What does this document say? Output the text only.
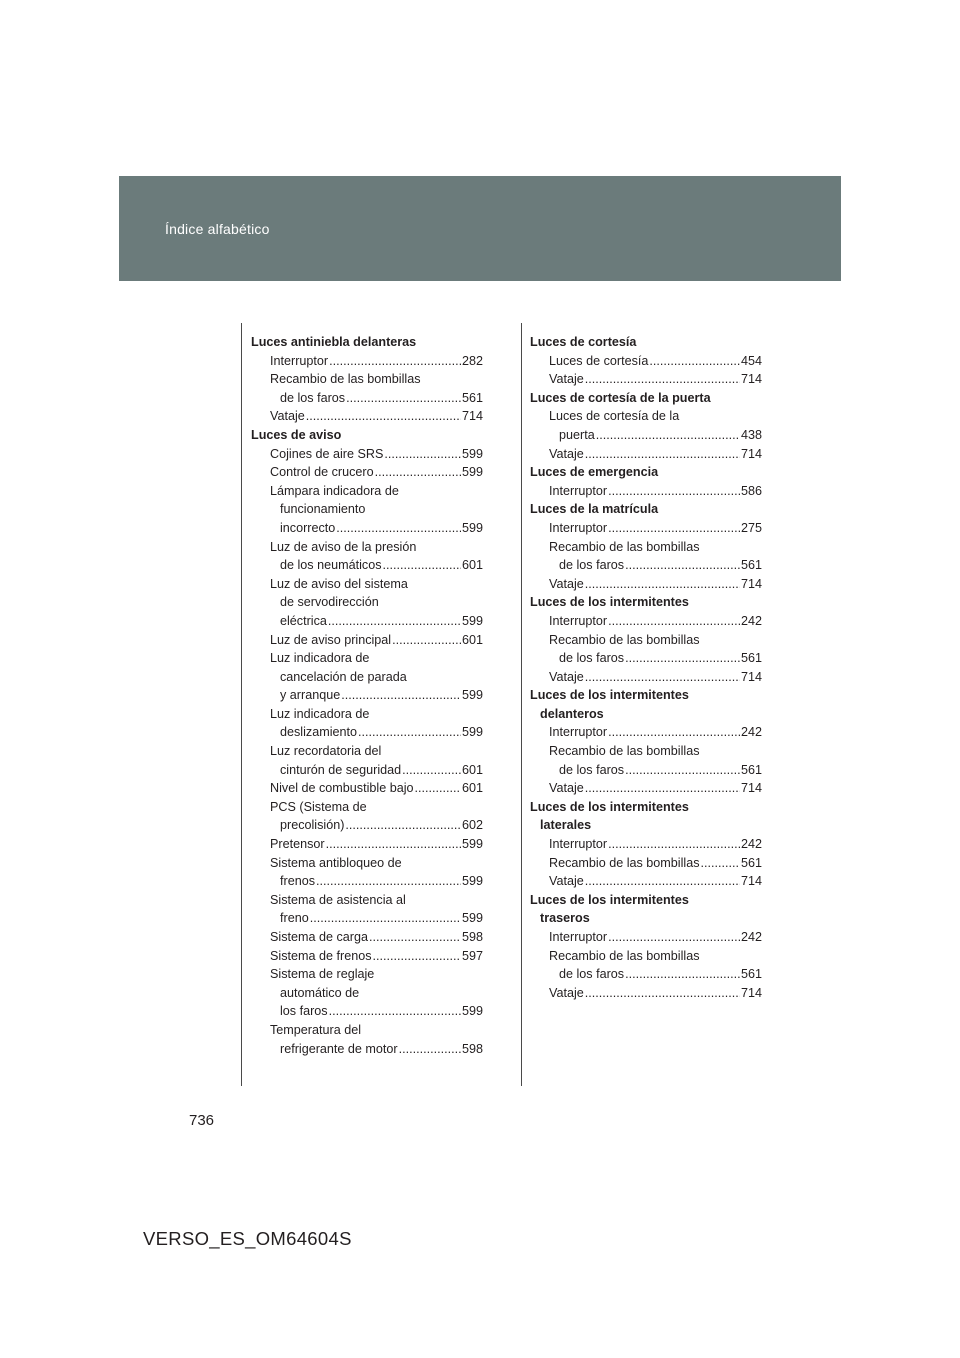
Índice alfabético
Luces antiniebla delanteras
Interruptor .....	282
Recambio de las bombillas
de los faros .....	561
Vataje .....	714
Luces de aviso
Cojines de aire SRS .....	599
Control de crucero .....	599
Lámpara indicadora de
funcionamiento
incorrecto .....	599
Luz de aviso de la presión
de los neumáticos .....	601
Luz de aviso del sistema
de servodirección
eléctrica .....	599
Luz de aviso principal .....	601
Luz indicadora de
cancelación de parada
y arranque .....	599
Luz indicadora de
deslizamiento .....	599
Luz recordatoria del
cinturón de seguridad .....	601
Nivel de combustible bajo .....	601
PCS (Sistema de
precolisión) .....	602
Pretensor .....	599
Sistema antibloqueo de
frenos .....	599
Sistema de asistencia al
freno .....	599
Sistema de carga .....	598
Sistema de frenos .....	597
Sistema de reglaje
automático de
los faros .....	599
Temperatura del
refrigerante de motor .....	598
Luces de cortesía
Luces de cortesía .....	454
Vataje .....	714
Luces de cortesía de la puerta
Luces de cortesía de la
puerta .....	438
Vataje .....	714
Luces de emergencia
Interruptor .....	586
Luces de la matrícula
Interruptor .....	275
Recambio de las bombillas
de los faros .....	561
Vataje .....	714
Luces de los intermitentes
Interruptor .....	242
Recambio de las bombillas
de los faros .....	561
Vataje .....	714
Luces de los intermitentes
delanteros
Interruptor .....	242
Recambio de las bombillas
de los faros .....	561
Vataje .....	714
Luces de los intermitentes
laterales
Interruptor .....	242
Recambio de las bombillas .....	561
Vataje .....	714
Luces de los intermitentes
traseros
Interruptor .....	242
Recambio de las bombillas
de los faros .....	561
Vataje .....	714
736
VERSO_ES_OM64604S
